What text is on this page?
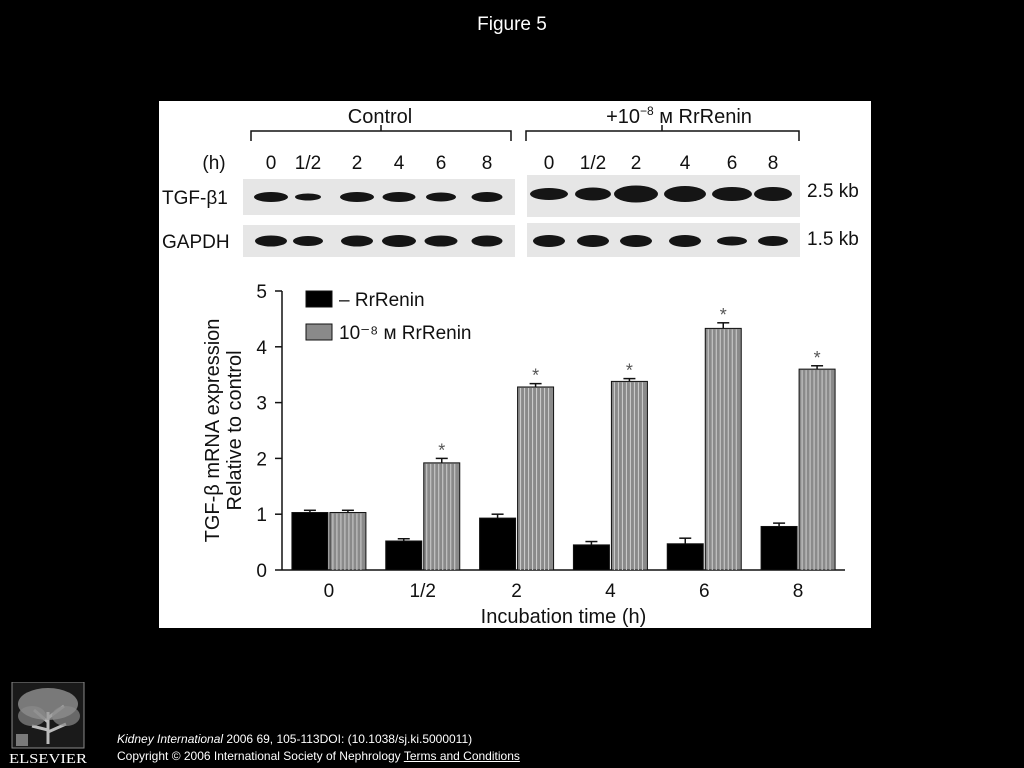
Figure 5
Control	$+10^{-8}$ м RrRenin
(h) 0 1/2 2 4 6 8	0 1/2 2 4 6 8
TGF-β1
GAPDH
2.5 kb
1.5 kb
0
1
2
3
4
5
0	1/2
*
2
*
4
*
6
*
8
*
Incubation time (h)
TGF-β mRNA expression Relative to control
– RrRenin
10⁻⁸ м RrRenin
ELSEVIER
Kidney International 2006 69, 105-113DOI: (10.1038/sj.ki.5000011)
Copyright © 2006 International Society of Nephrology Terms and Conditions
